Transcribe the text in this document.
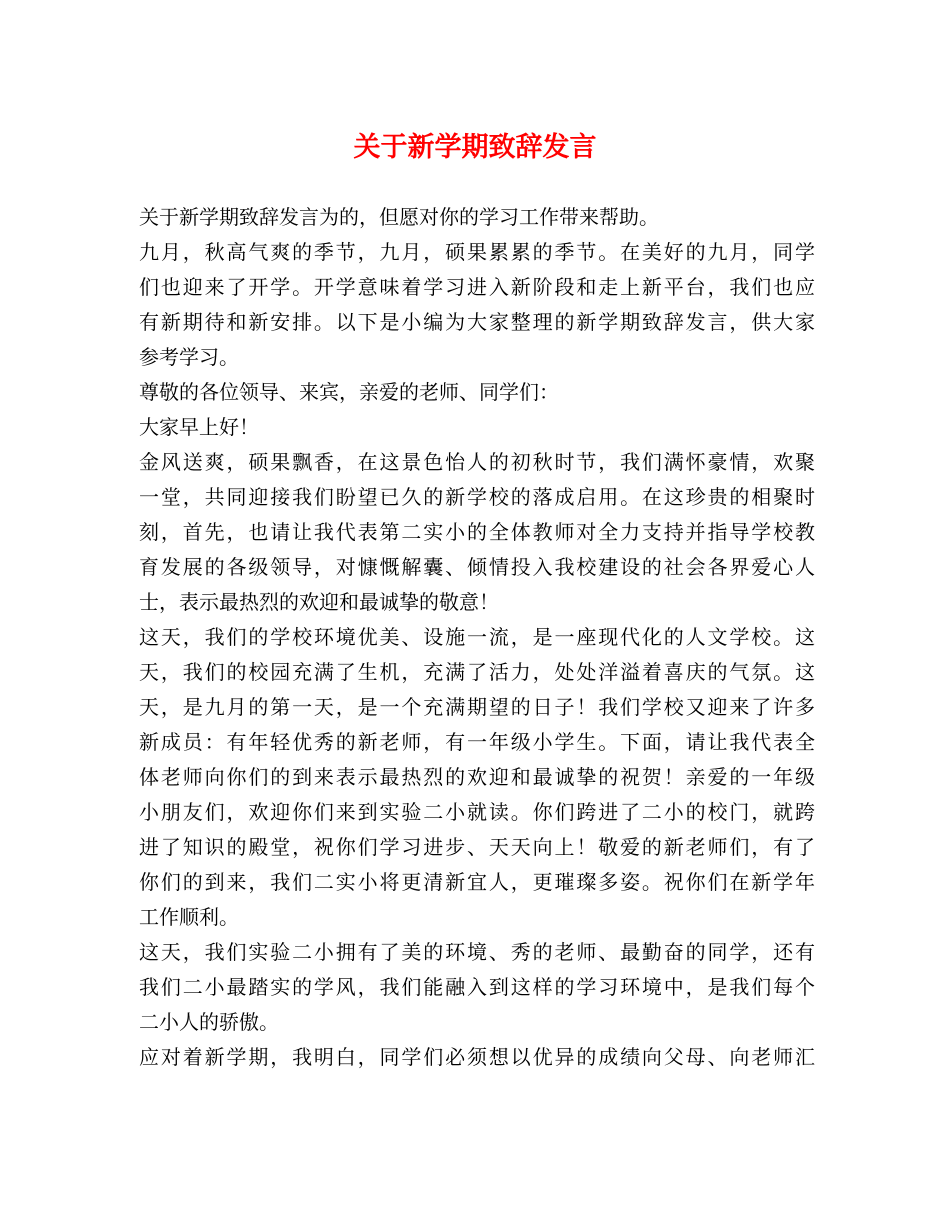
关于新学期致辞发言
关于新学期致辞发言为的，但愿对你的学习工作带来帮助。
九月，秋高气爽的季节，九月，硕果累累的季节。在美好的九月，同学
们也迎来了开学。开学意味着学习进入新阶段和走上新平台，我们也应
有新期待和新安排。以下是小编为大家整理的新学期致辞发言，供大家
参考学习。
尊敬的各位领导、来宾，亲爱的老师、同学们：
大家早上好！
金风送爽，硕果飘香，在这景色怡人的初秋时节，我们满怀豪情，欢聚
一堂，共同迎接我们盼望已久的新学校的落成启用。在这珍贵的相聚时
刻，首先，也请让我代表第二实小的全体教师对全力支持并指导学校教
育发展的各级领导，对慷慨解囊、倾情投入我校建设的社会各界爱心人
士，表示最热烈的欢迎和最诚挚的敬意！
这天，我们的学校环境优美、设施一流，是一座现代化的人文学校。这
天，我们的校园充满了生机，充满了活力，处处洋溢着喜庆的气氛。这
天，是九月的第一天，是一个充满期望的日子！我们学校又迎来了许多
新成员：有年轻优秀的新老师，有一年级小学生。下面，请让我代表全
体老师向你们的到来表示最热烈的欢迎和最诚挚的祝贺！亲爱的一年级
小朋友们，欢迎你们来到实验二小就读。你们跨进了二小的校门，就跨
进了知识的殿堂，祝你们学习进步、天天向上！敬爱的新老师们，有了
你们的到来，我们二实小将更清新宜人，更璀璨多姿。祝你们在新学年
工作顺利。
这天，我们实验二小拥有了美的环境、秀的老师、最勤奋的同学，还有
我们二小最踏实的学风，我们能融入到这样的学习环境中，是我们每个
二小人的骄傲。
应对着新学期，我明白，同学们必须想以优异的成绩向父母、向老师汇
